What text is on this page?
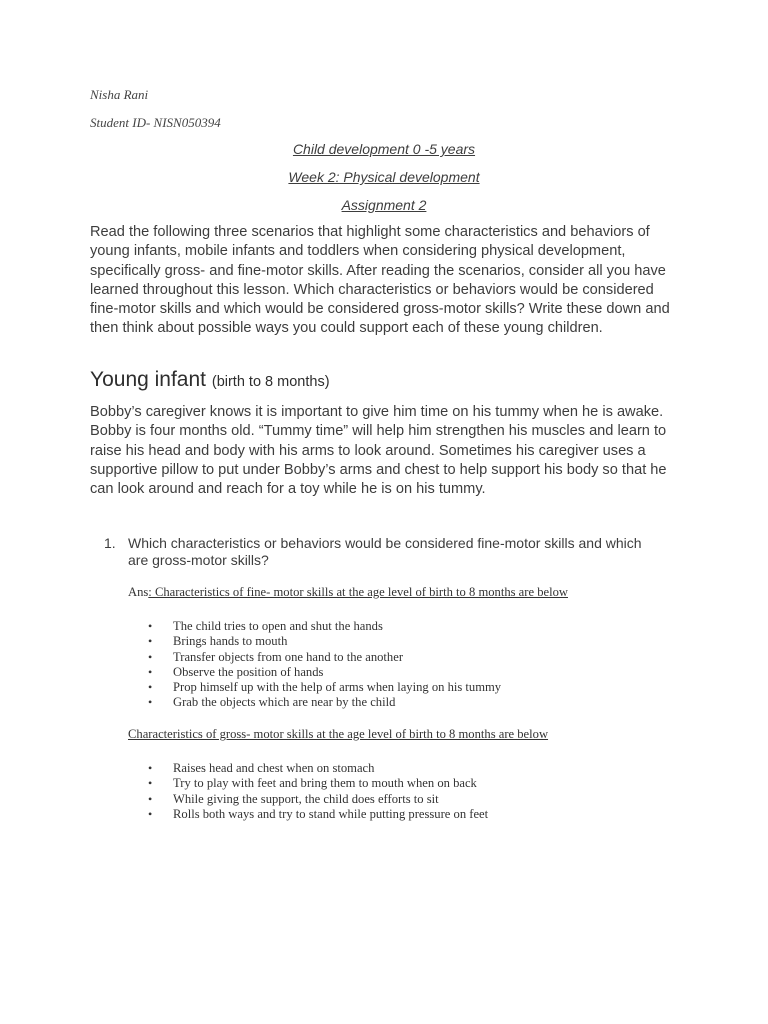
Nisha Rani
Student ID- NISN050394
Child development 0 -5 years
Week 2: Physical development
Assignment 2
Read the following three scenarios that highlight some characteristics and behaviors of young infants, mobile infants and toddlers when considering physical development, specifically gross- and fine-motor skills. After reading the scenarios, consider all you have learned throughout this lesson. Which characteristics or behaviors would be considered fine-motor skills and which would be considered gross-motor skills? Write these down and then think about possible ways you could support each of these young children.
Young infant (birth to 8 months)
Bobby’s caregiver knows it is important to give him time on his tummy when he is awake. Bobby is four months old. “Tummy time” will help him strengthen his muscles and learn to raise his head and body with his arms to look around. Sometimes his caregiver uses a supportive pillow to put under Bobby’s arms and chest to help support his body so that he can look around and reach for a toy while he is on his tummy.
1. Which characteristics or behaviors would be considered fine-motor skills and which are gross-motor skills?
Ans: Characteristics of fine- motor skills at the age level of birth to 8 months are below
• The child tries to open and shut the hands
• Brings hands to mouth
• Transfer objects from one hand to the another
• Observe the position of hands
• Prop himself up with the help of arms when laying on his tummy
• Grab the objects which are near by the child
Characteristics of gross- motor skills at the age level of birth to 8 months are below
• Raises head and chest when on stomach
• Try to play with feet and bring them to mouth when on back
• While giving the support, the child does efforts to sit
• Rolls both ways and try to stand while putting pressure on feet
